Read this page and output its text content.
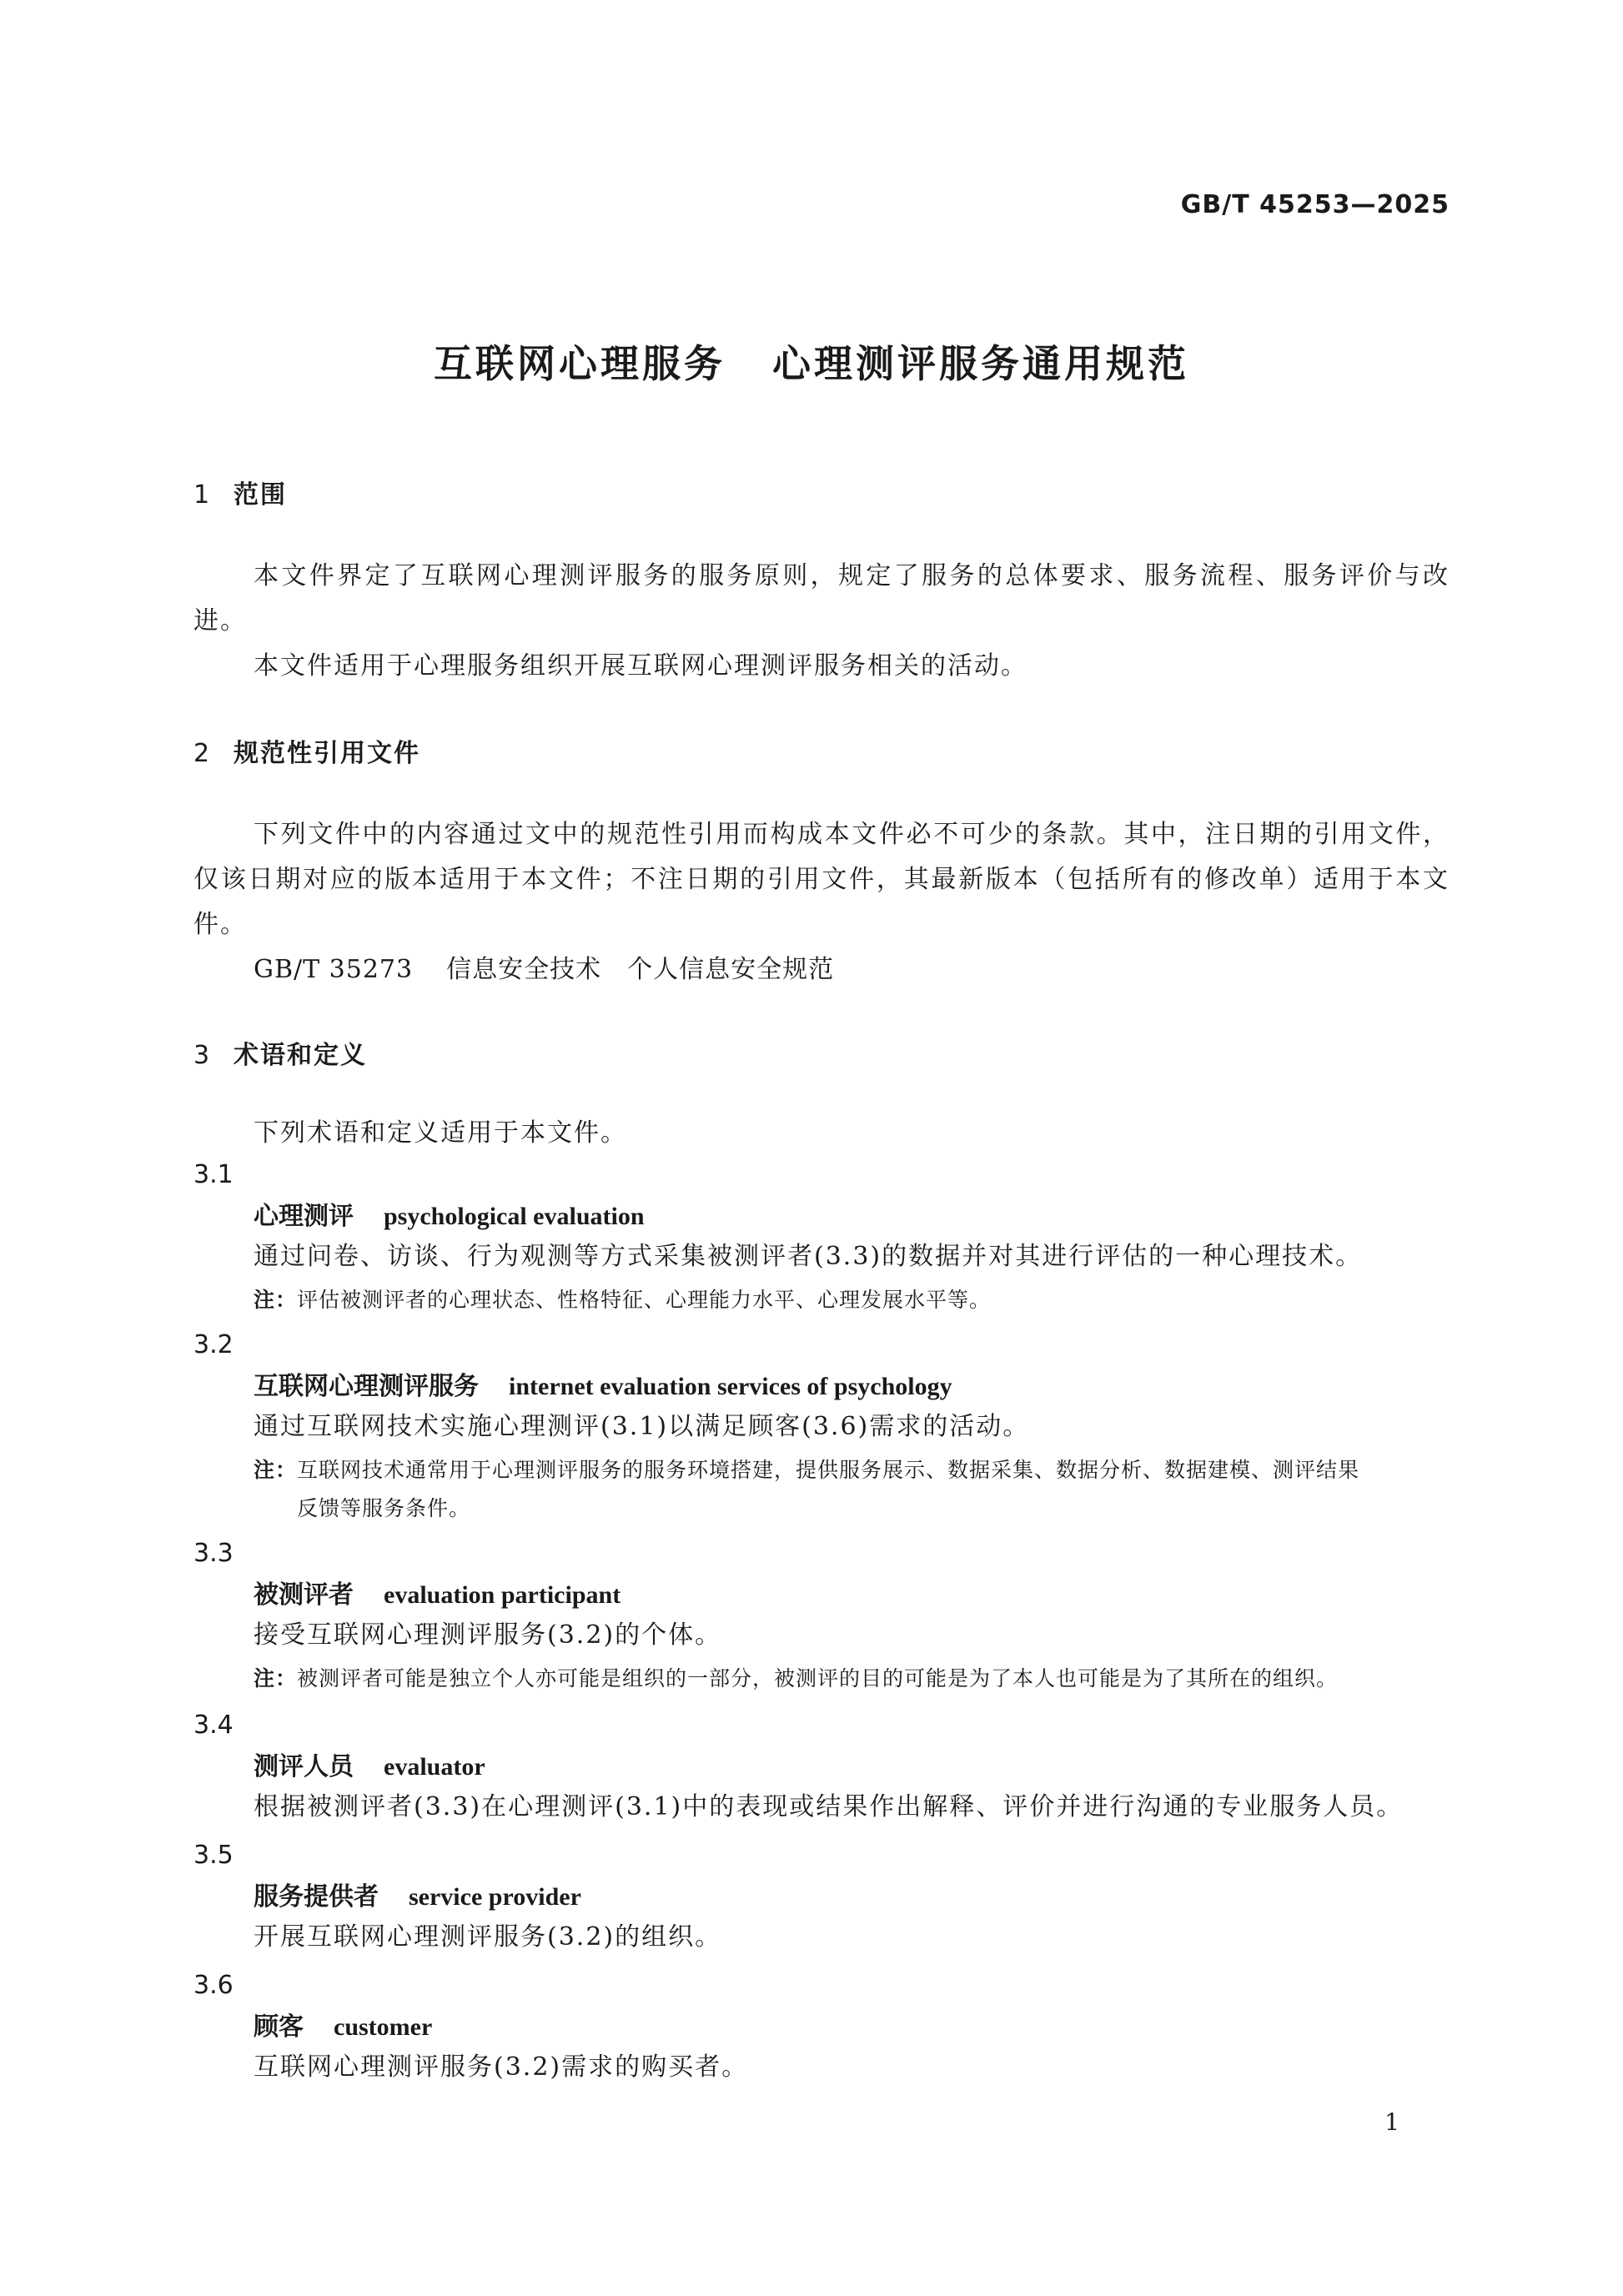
GB/T 45253—2025
互联网心理服务 心理测评服务通用规范
1 范围

本文件界定了互联网心理测评服务的服务原则，规定了服务的总体要求、服务流程、服务评价与改进。

本文件适用于心理服务组织开展互联网心理测评服务相关的活动。

2 规范性引用文件

下列文件中的内容通过文中的规范性引用而构成本文件必不可少的条款。其中，注日期的引用文件，仅该日期对应的版本适用于本文件；不注日期的引用文件，其最新版本（包括所有的修改单）适用于本文件。

GB/T 35273 信息安全技术　个人信息安全规范
3 术语和定义
下列术语和定义适用于本文件。
3.1
心理测评 psychological evaluation
通过问卷、访谈、行为观测等方式采集被测评者(3.3)的数据并对其进行评估的一种心理技术。
注：评估被测评者的心理状态、性格特征、心理能力水平、心理发展水平等。
3.2
互联网心理测评服务 internet evaluation services of psychology
通过互联网技术实施心理测评(3.1)以满足顾客(3.6)需求的活动。
注：互联网技术通常用于心理测评服务的服务环境搭建，提供服务展示、数据采集、数据分析、数据建模、测评结果
反馈等服务条件。
3.3
被测评者 evaluation participant
接受互联网心理测评服务(3.2)的个体。
注：被测评者可能是独立个人亦可能是组织的一部分，被测评的目的可能是为了本人也可能是为了其所在的组织。
3.4
测评人员 evaluator
根据被测评者(3.3)在心理测评(3.1)中的表现或结果作出解释、评价并进行沟通的专业服务人员。
3.5
服务提供者 service provider
开展互联网心理测评服务(3.2)的组织。
3.6
顾客 customer
互联网心理测评服务(3.2)需求的购买者。
1
